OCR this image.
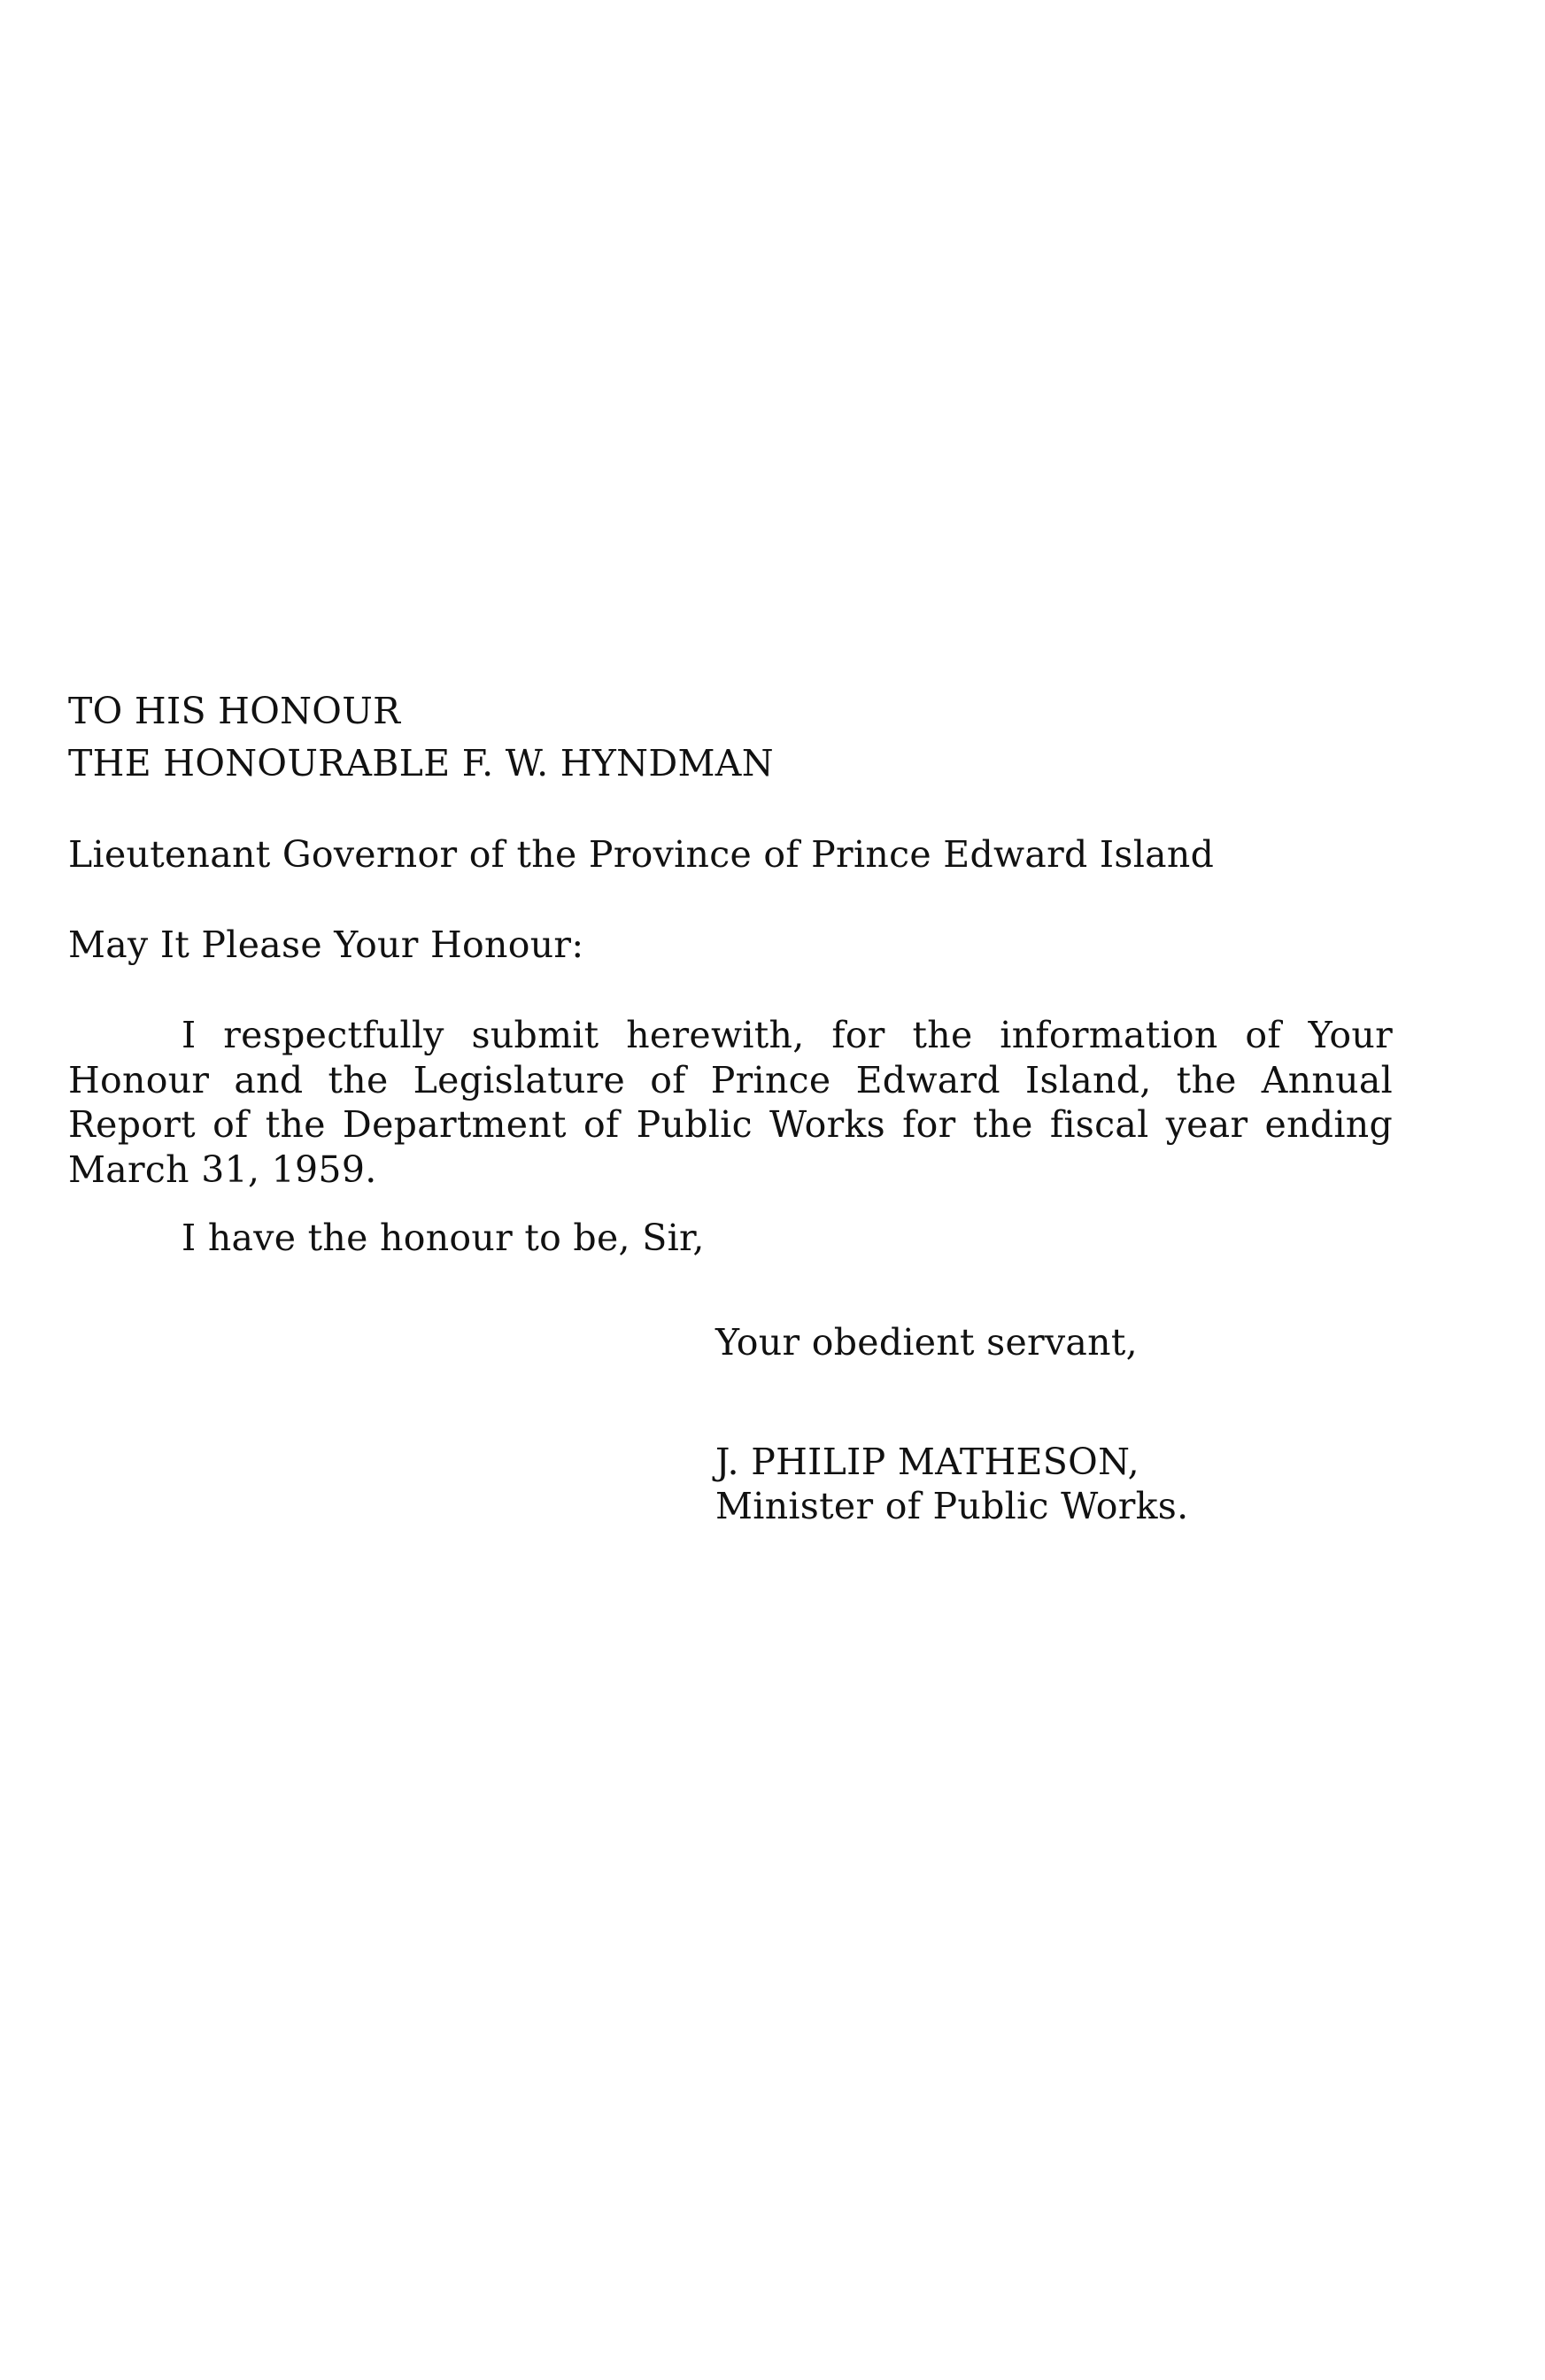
TO HIS HONOUR
THE HONOURABLE F. W. HYNDMAN
Lieutenant Governor of the Province of Prince Edward Island
May It Please Your Honour:
I respectfully submit herewith, for the information of Your Honour and the Legislature of Prince Edward Island, the Annual Report of the Department of Public Works for the fiscal year ending March 31, 1959.
I have the honour to be, Sir,
Your obedient servant,
J. PHILIP MATHESON,
Minister of Public Works.
